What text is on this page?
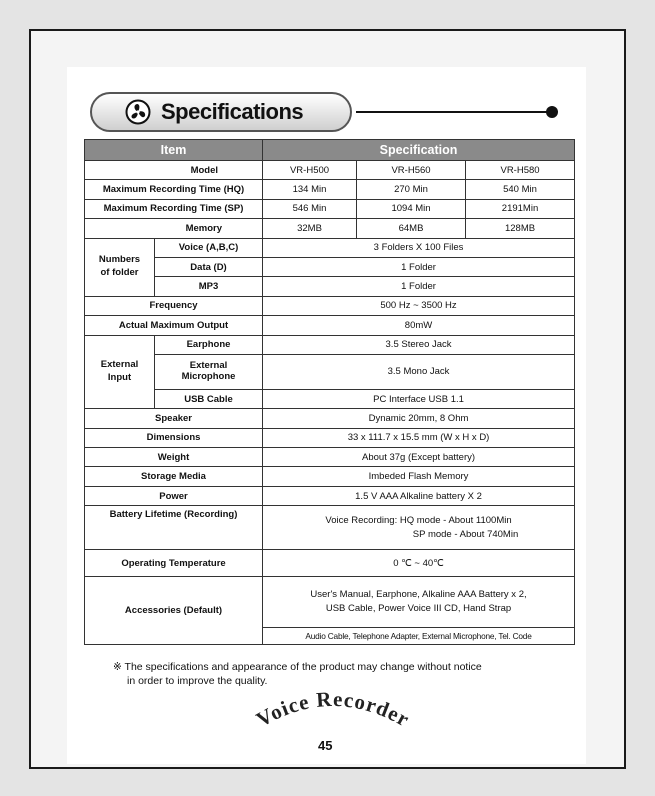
Specifications
Item		Specification		
Model		VR-H500	VR-H560	VR-H580
Maximum Recording Time (HQ)		134 Min	270 Min	540 Min
Maximum Recording Time (SP)		546 Min	1094 Min	2191Min
Memory		32MB	64MB	128MB
Numbers
of folder	Voice (A,B,C)	3 Folders X 100 Files		
	Data (D)	1 Folder		
	MP3	1 Folder		
Frequency		500 Hz ~ 3500 Hz		
Actual Maximum Output		80mW		
External
Input	Earphone	3.5 Stereo Jack		
	External
Microphone	3.5 Mono Jack		
	USB Cable	PC Interface USB 1.1		
Speaker		Dynamic 20mm, 8 Ohm		
Dimensions		33 x 111.7 x 15.5 mm (W x H x D)		
Weight		About 37g (Except battery)		
Storage Media		Imbeded Flash Memory		
Power		1.5 V AAA Alkaline battery X 2		
Battery Lifetime (Recording)		Voice Recording: HQ mode - About 1100Min
SP mode - About 740Min		

Operating Temperature		0 ℃ ~ 40℃		
Accessories (Default)		User's Manual, Earphone, Alkaline AAA Battery x 2,
USB Cable, Power Voice III CD, Hand Strap		
		Audio Cable, Telephone Adapter, External Microphone, Tel. Code		
※ The specifications and appearance of the product may change without notice
in order to improve the quality.
Voice Recorder
45
